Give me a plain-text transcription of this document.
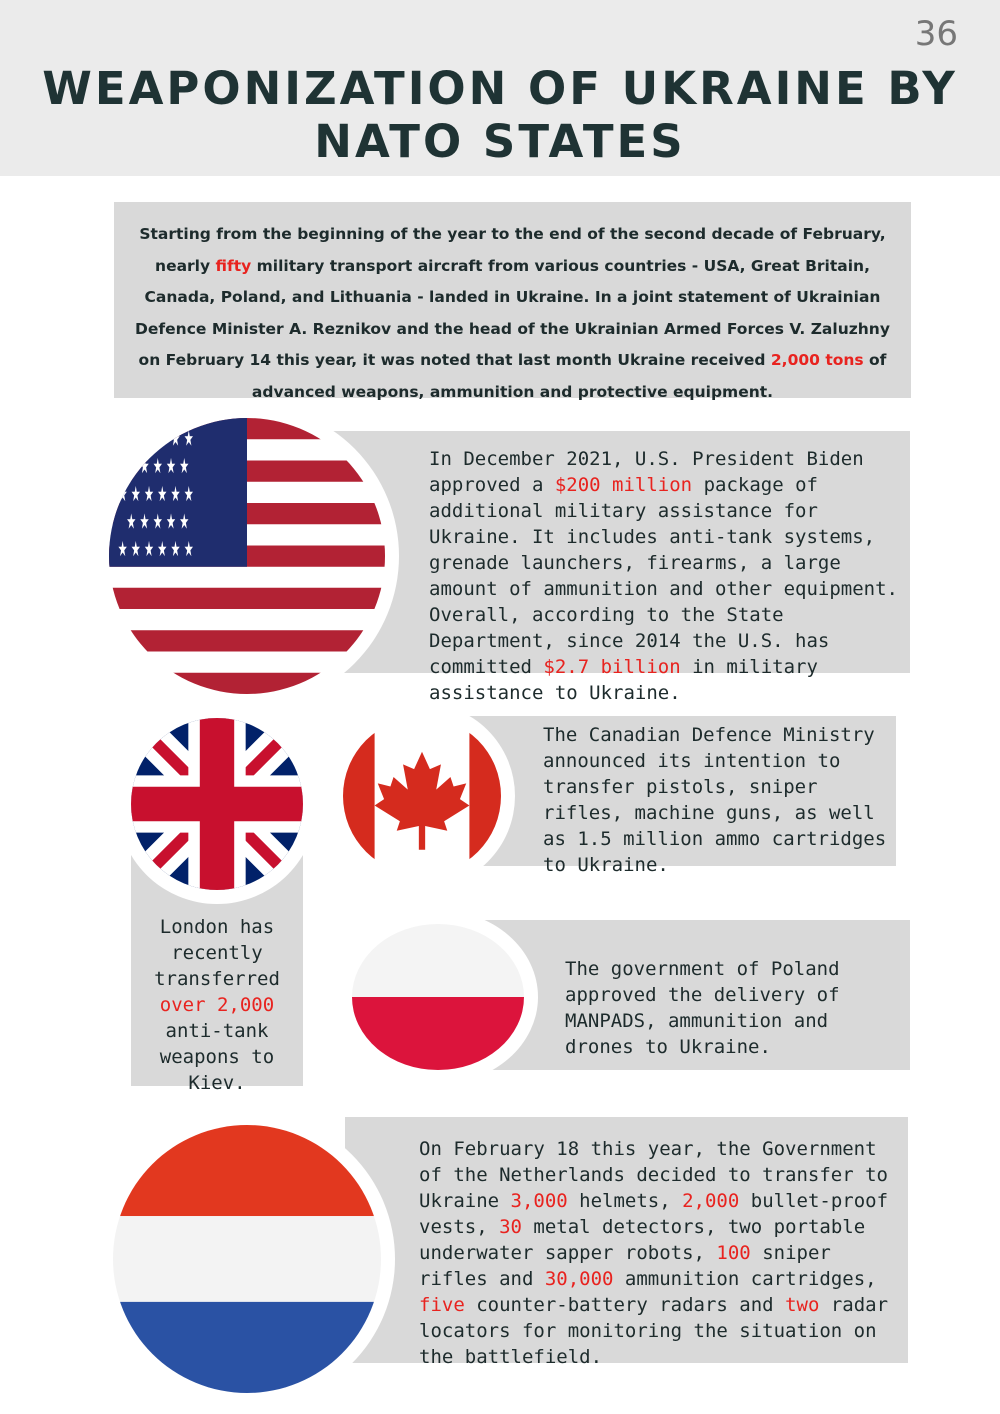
36
WEAPONIZATION OF UKRAINE BY NATO STATES
Starting from the beginning of the year to the end of the second decade of February, nearly fifty military transport aircraft from various countries - USA, Great Britain, Canada, Poland, and Lithuania - landed in Ukraine. In a joint statement of Ukrainian Defence Minister A. Reznikov and the head of the Ukrainian Armed Forces V. Zaluzhny on February 14 this year, it was noted that last month Ukraine received 2,000 tons of advanced weapons, ammunition and protective equipment.
★ ★ ★ ★ ★ ★
★ ★ ★ ★ ★
★ ★ ★ ★ ★ ★
★ ★ ★ ★ ★
★ ★ ★ ★ ★ ★
In December 2021, U.S. President Biden approved a $200 million package of additional military assistance for Ukraine. It includes anti-tank systems, grenade launchers, firearms, a large amount of ammunition and other equipment. Overall, according to the State Department, since 2014 the U.S. has committed $2.7 billion in military assistance to Ukraine.
London has recently transferred over 2,000 anti-tank weapons to Kiev.
The Canadian Defence Ministry announced its intention to transfer pistols, sniper rifles, machine guns, as well as 1.5 million ammo cartridges to Ukraine.
The government of Poland approved the delivery of MANPADS, ammunition and drones to Ukraine.
On February 18 this year, the Government of the Netherlands decided to transfer to Ukraine 3,000 helmets, 2,000 bullet-proof vests, 30 metal detectors, two portable underwater sapper robots, 100 sniper rifles and 30,000 ammunition cartridges, five counter-battery radars and two radar locators for monitoring the situation on the battlefield.
